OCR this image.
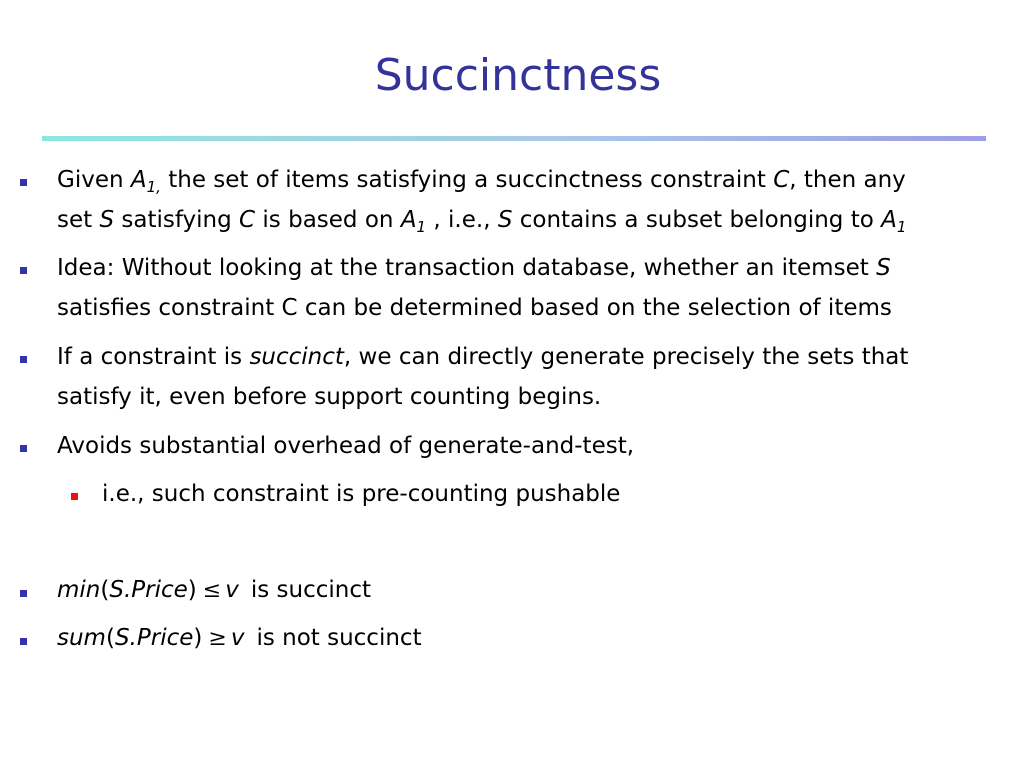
Succinctness
Given $A_{1,}$ the set of items satisfying a succinctness constraint C, then any
set S satisfying C is based on $A_1$ , i.e., S contains a subset belonging to $A_1$
Idea: Without looking at the transaction database, whether an itemset S
satisfies constraint C can be determined based on the selection of items
If a constraint is succinct, we can directly generate precisely the sets that
satisfy it, even before support counting begins.
Avoids substantial overhead of generate-and-test,
i.e., such constraint is pre-counting pushable
min(S.Price) ≤ v is succinct
sum(S.Price) ≥ v is not succinct
